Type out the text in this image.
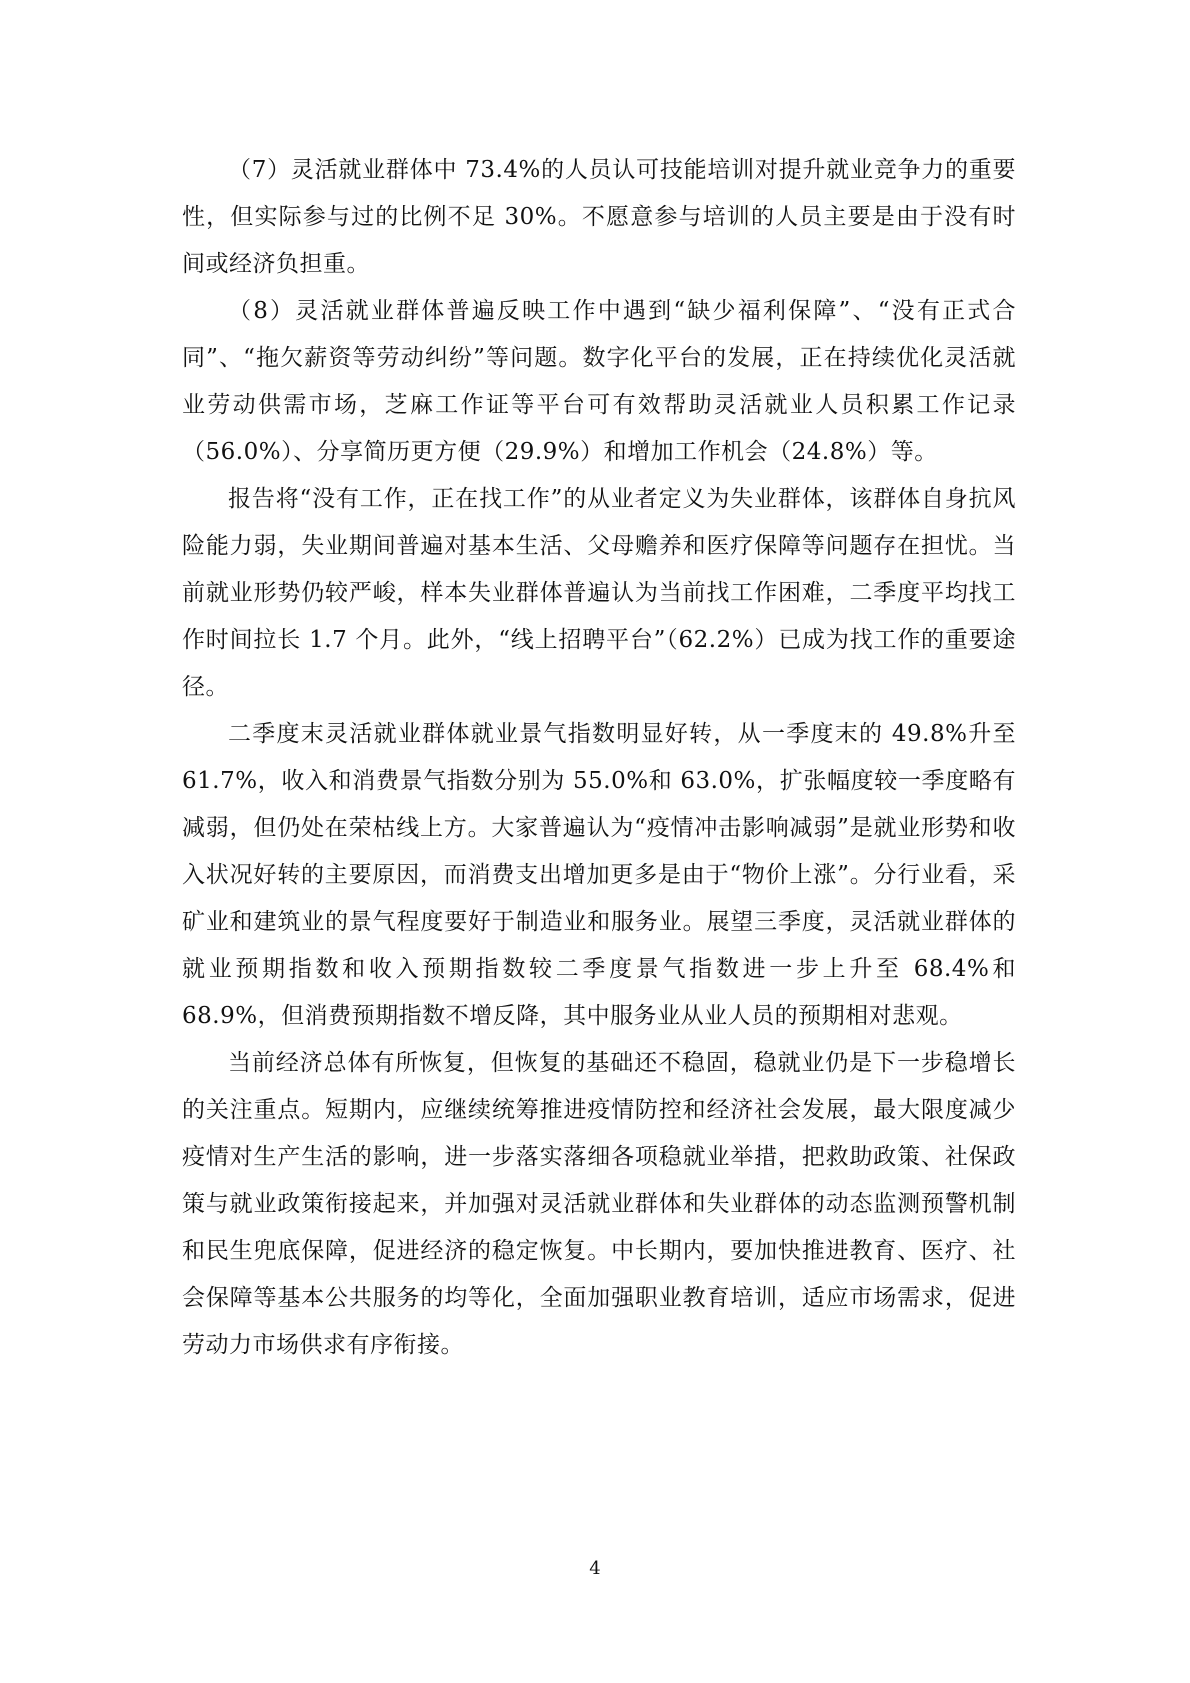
（7）灵活就业群体中 73.4%的人员认可技能培训对提升就业竞争力的重要性，但实际参与过的比例不足 30%。不愿意参与培训的人员主要是由于没有时间或经济负担重。

（8）灵活就业群体普遍反映工作中遇到“缺少福利保障”、“没有正式合同”、“拖欠薪资等劳动纠纷”等问题。数字化平台的发展，正在持续优化灵活就业劳动供需市场，芝麻工作证等平台可有效帮助灵活就业人员积累工作记录（56.0%）、分享简历更方便（29.9%）和增加工作机会（24.8%）等。

报告将“没有工作，正在找工作”的从业者定义为失业群体，该群体自身抗风险能力弱，失业期间普遍对基本生活、父母赡养和医疗保障等问题存在担忧。当前就业形势仍较严峻，样本失业群体普遍认为当前找工作困难，二季度平均找工作时间拉长 1.7 个月。此外，“线上招聘平台”（62.2%）已成为找工作的重要途径。

二季度末灵活就业群体就业景气指数明显好转，从一季度末的 49.8%升至 61.7%，收入和消费景气指数分别为 55.0%和 63.0%，扩张幅度较一季度略有减弱，但仍处在荣枯线上方。大家普遍认为“疫情冲击影响减弱”是就业形势和收入状况好转的主要原因，而消费支出增加更多是由于“物价上涨”。分行业看，采矿业和建筑业的景气程度要好于制造业和服务业。展望三季度，灵活就业群体的就业预期指数和收入预期指数较二季度景气指数进一步上升至 68.4%和 68.9%，但消费预期指数不增反降，其中服务业从业人员的预期相对悲观。

当前经济总体有所恢复，但恢复的基础还不稳固，稳就业仍是下一步稳增长的关注重点。短期内，应继续统筹推进疫情防控和经济社会发展，最大限度减少疫情对生产生活的影响，进一步落实落细各项稳就业举措，把救助政策、社保政策与就业政策衔接起来，并加强对灵活就业群体和失业群体的动态监测预警机制和民生兜底保障，促进经济的稳定恢复。中长期内，要加快推进教育、医疗、社会保障等基本公共服务的均等化，全面加强职业教育培训，适应市场需求，促进劳动力市场供求有序衔接。

4
